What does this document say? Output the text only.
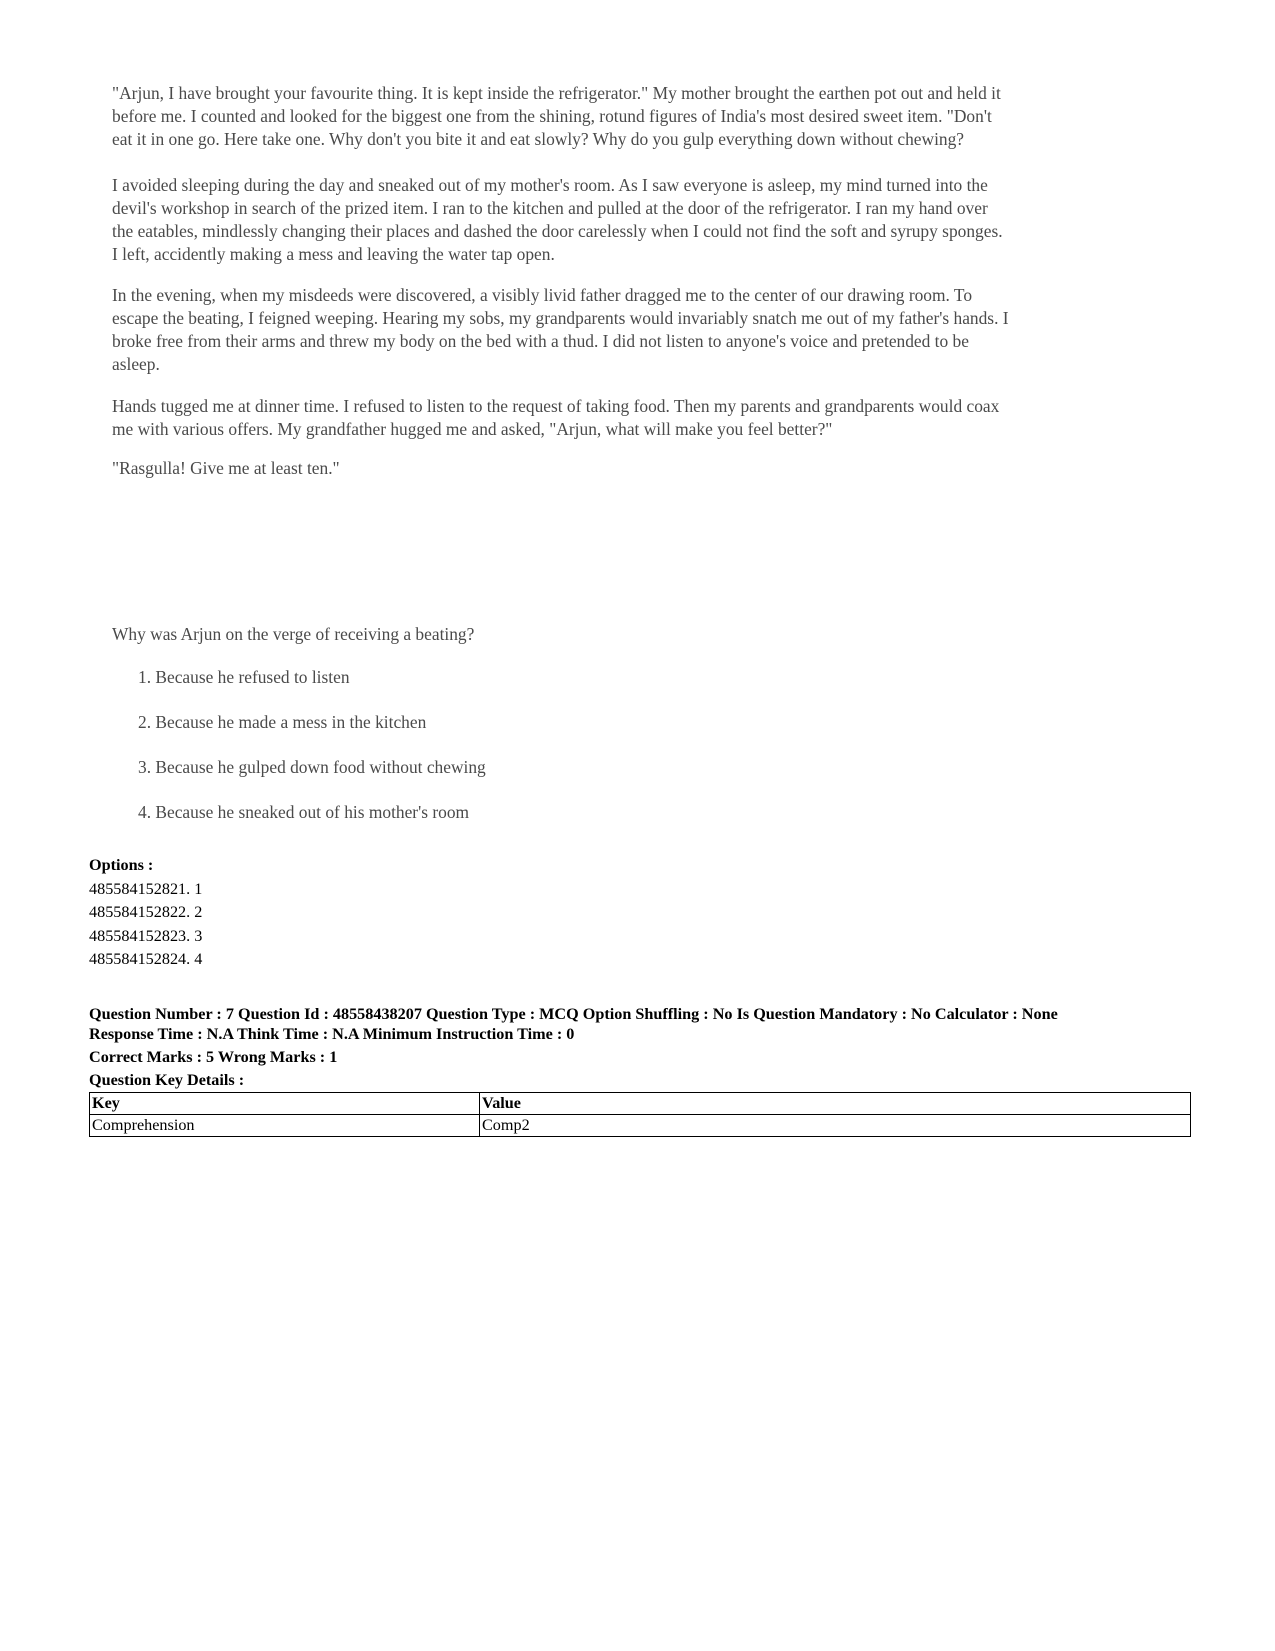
"Arjun, I have brought your favourite thing. It is kept inside the refrigerator." My mother brought the earthen pot out and held it before me. I counted and looked for the biggest one from the shining, rotund figures of India's most desired sweet item. "Don't eat it in one go. Here take one. Why don't you bite it and eat slowly? Why do you gulp everything down without chewing?

I avoided sleeping during the day and sneaked out of my mother's room. As I saw everyone is asleep, my mind turned into the devil's workshop in search of the prized item. I ran to the kitchen and pulled at the door of the refrigerator. I ran my hand over the eatables, mindlessly changing their places and dashed the door carelessly when I could not find the soft and syrupy sponges. I left, accidently making a mess and leaving the water tap open.

In the evening, when my misdeeds were discovered, a visibly livid father dragged me to the center of our drawing room. To escape the beating, I feigned weeping. Hearing my sobs, my grandparents would invariably snatch me out of my father's hands. I broke free from their arms and threw my body on the bed with a thud. I did not listen to anyone's voice and pretended to be asleep.

Hands tugged me at dinner time. I refused to listen to the request of taking food. Then my parents and grandparents would coax me with various offers. My grandfather hugged me and asked, "Arjun, what will make you feel better?"

"Rasgulla! Give me at least ten."

Why was Arjun on the verge of receiving a beating?
1. Because he refused to listen
2. Because he made a mess in the kitchen
3. Because he gulped down food without chewing
4. Because he sneaked out of his mother's room
Options :
485584152821. 1
485584152822. 2
485584152823. 3
485584152824. 4
Question Number : 7 Question Id : 48558438207 Question Type : MCQ Option Shuffling : No Is Question Mandatory : No Calculator : None
Response Time : N.A Think Time : N.A Minimum Instruction Time : 0
Correct Marks : 5 Wrong Marks : 1
Question Key Details :
Key	Value
Comprehension	Comp2
